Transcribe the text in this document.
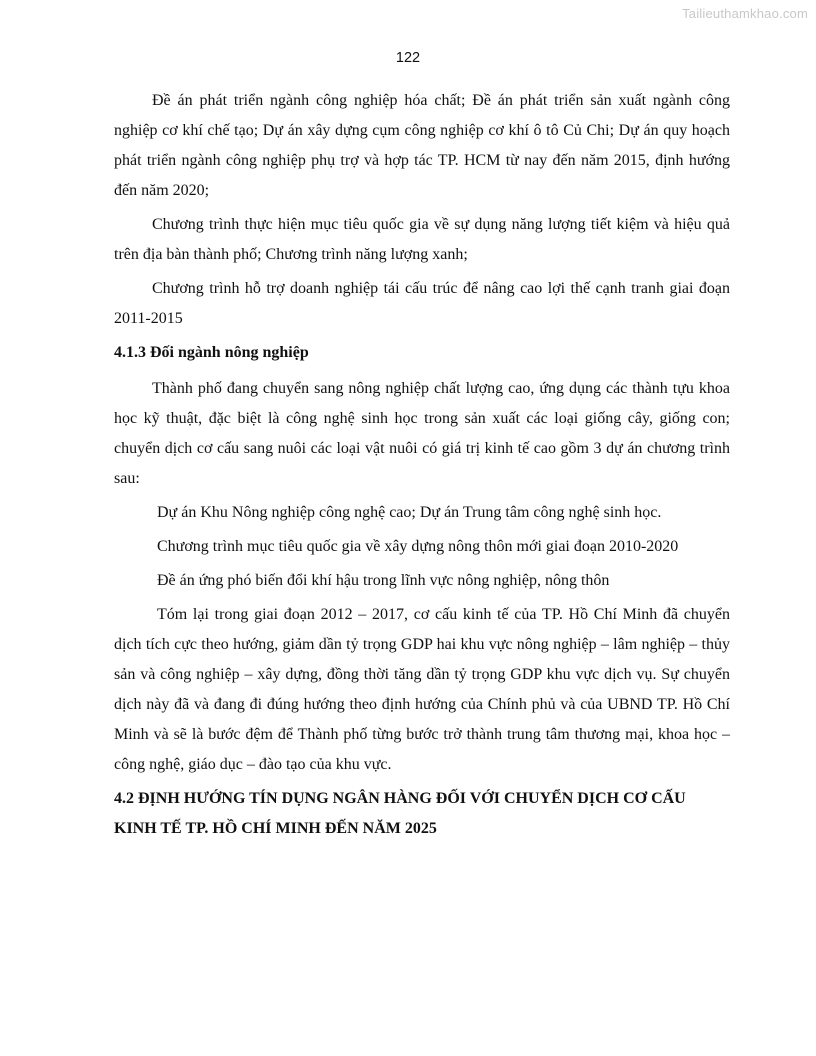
Tailieuthamkhao.com
122

Đề án phát triển ngành công nghiệp hóa chất; Đề án phát triển sản xuất ngành công nghiệp cơ khí chế tạo; Dự án xây dựng cụm công nghiệp cơ khí ô tô Củ Chi; Dự án quy hoạch phát triển ngành công nghiệp phụ trợ và hợp tác TP. HCM từ nay đến năm 2015, định hướng đến năm 2020;

Chương trình thực hiện mục tiêu quốc gia về sự dụng năng lượng tiết kiệm và hiệu quả trên địa bàn thành phố; Chương trình năng lượng xanh;

Chương trình hỗ trợ doanh nghiệp tái cấu trúc để nâng cao lợi thế cạnh tranh giai đoạn 2011-2015

4.1.3 Đối ngành nông nghiệp

Thành phố đang chuyển sang nông nghiệp chất lượng cao, ứng dụng các thành tựu khoa học kỹ thuật, đặc biệt là công nghệ sinh học trong sản xuất các loại giống cây, giống con; chuyển dịch cơ cấu sang nuôi các loại vật nuôi có giá trị kinh tế cao gồm 3 dự án chương trình sau:

Dự án Khu Nông nghiệp công nghệ cao; Dự án Trung tâm công nghệ sinh học.

Chương trình mục tiêu quốc gia về xây dựng nông thôn mới giai đoạn 2010-2020

Đề án ứng phó biến đổi khí hậu trong lĩnh vực nông nghiệp, nông thôn

Tóm lại trong giai đoạn 2012 – 2017, cơ cấu kinh tế của TP. Hồ Chí Minh đã chuyển dịch tích cực theo hướng, giảm dần tỷ trọng GDP hai khu vực nông nghiệp – lâm nghiệp – thủy sản và công nghiệp – xây dựng, đồng thời tăng dần tỷ trọng GDP khu vực dịch vụ. Sự chuyển dịch này đã và đang đi đúng hướng theo định hướng của Chính phủ và của UBND TP. Hồ Chí Minh và sẽ là bước đệm để Thành phố từng bước trở thành trung tâm thương mại, khoa học – công nghệ, giáo dục – đào tạo của khu vực.

4.2 ĐỊNH HƯỚNG TÍN DỤNG NGÂN HÀNG ĐỐI VỚI CHUYỂN DỊCH CƠ CẤU KINH TẾ TP. HỒ CHÍ MINH ĐẾN NĂM 2025
